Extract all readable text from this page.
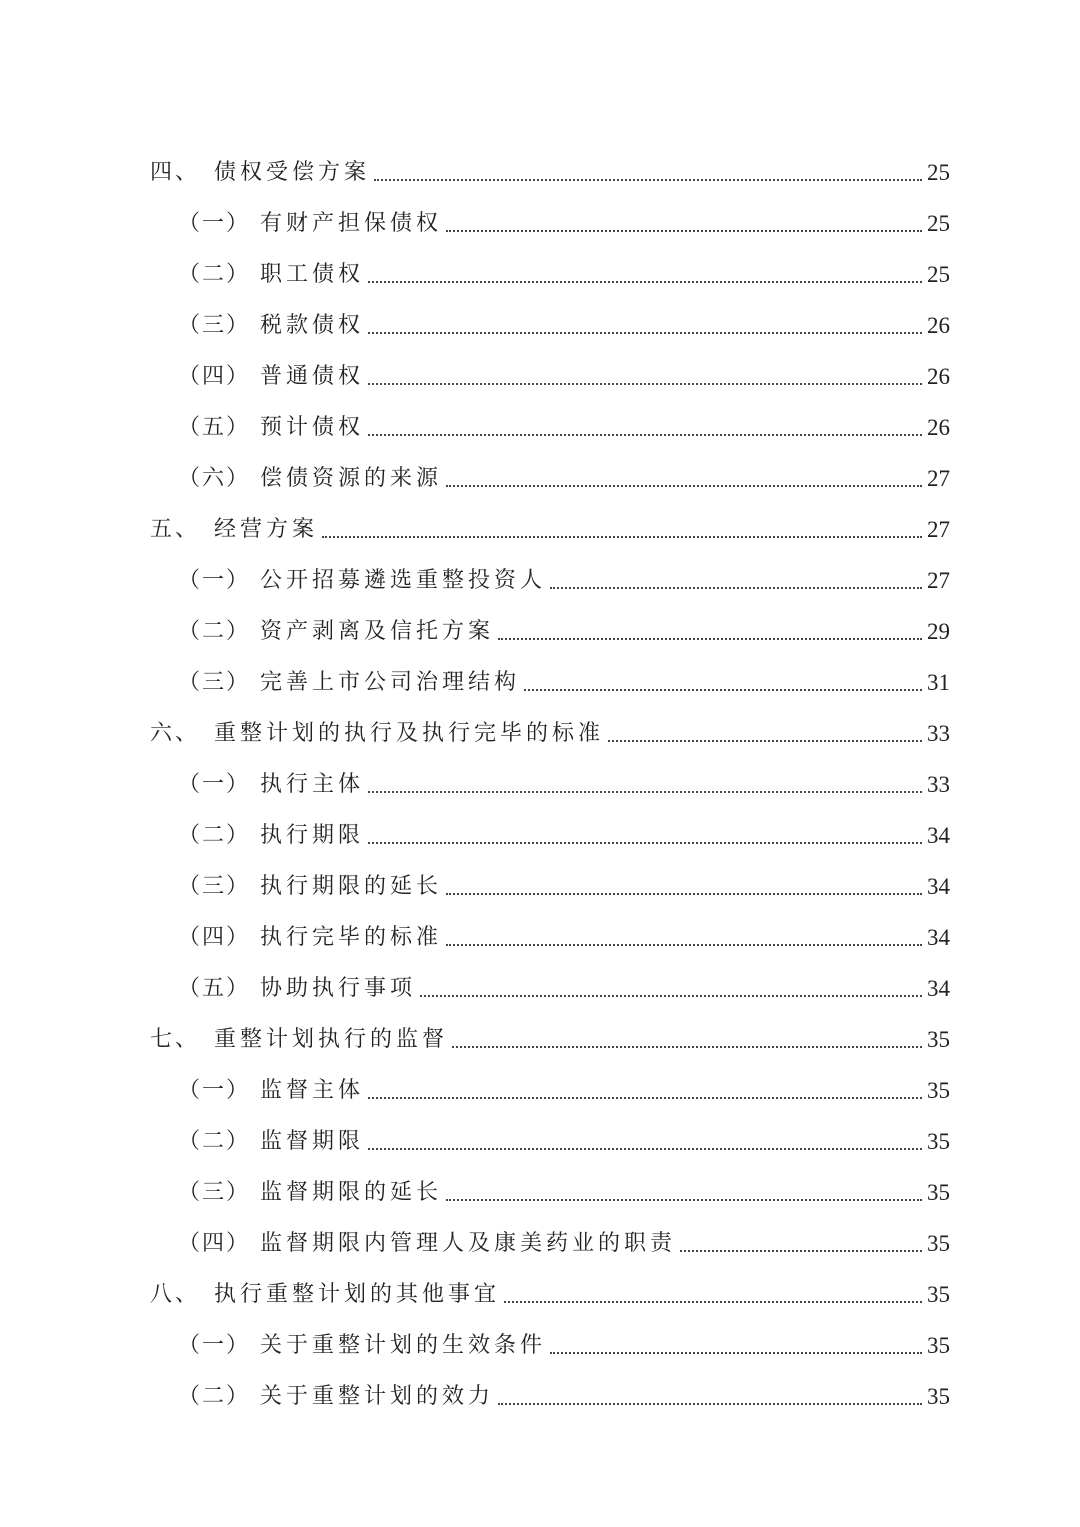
四、 债权受偿方案	25
（一） 有财产担保债权	25
（二） 职工债权	25
（三） 税款债权	26
（四） 普通债权	26
（五） 预计债权	26
（六） 偿债资源的来源	27
五、 经营方案	27
（一） 公开招募遴选重整投资人	27
（二） 资产剥离及信托方案	29
（三） 完善上市公司治理结构	31
六、 重整计划的执行及执行完毕的标准	33
（一） 执行主体	33
（二） 执行期限	34
（三） 执行期限的延长	34
（四） 执行完毕的标准	34
（五） 协助执行事项	34
七、 重整计划执行的监督	35
（一） 监督主体	35
（二） 监督期限	35
（三） 监督期限的延长	35
（四） 监督期限内管理人及康美药业的职责	35
八、 执行重整计划的其他事宜	35
（一） 关于重整计划的生效条件	35
（二） 关于重整计划的效力	35
